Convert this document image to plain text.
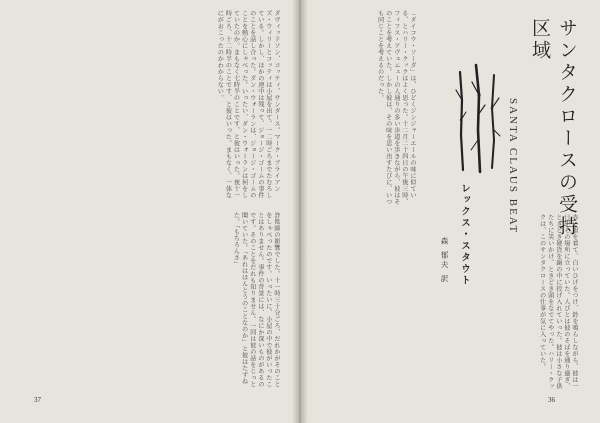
ダヴィッドソン、コッティ、サンダース。マーク・ブライアンズ・ウィリーとコッティは小屋を出て、一二時ごろまでたむろしている。しかし、ほかの連中は残って、ジョージ・ゴームの事件のことを話し合った。ダン・ウォーランは、ジョージ・ゴームのことを熱心にしゃべった。いったい、ダン・ウォーランは何をしていたのか。まもなく七時半のことです、と彼はいった。夜十一時ごろ、十二時半のことです、と彼はいった。まもなく、一体なにがおこったのかわからない。
詐欺師の影響でした。十一時三十分ごろ、だれかがそのことをしゃべったのです。いったいに、小屋の中で彼がいったことはありません。事件の背景には、なにか深いものがあるのです。そのことをだれも知りません。一同は彼の話をじっと聞いていた。「あれはほんとうのことなのか」と彼はたずねた。「もちろんさ」
37
「ダイコウ・ソーダ」は、ひどくジンジャーエールの味に似ている、とハリー・クックはよく思った。十二月二十四日の午後三時、フィフス・アヴェニューの人通りの多い歩道を歩きながら、彼はそのことを考えていた。しかし彼は、その味を思い出すたびに、いつも同じことを考えるのだった。
赤い服を着て、白いひげをつけ、鈴を鳴らしながら、彼は一日中その場所に立っていた。人びとは彼のそばを通り過ぎ、ときどき硬貨を鍋の中に投げ入れていった。彼は小さな子供たちに笑いかけ、ときどき頭をなでてやった。ハリー・クックは、このサンタクロースの仕事が気に入っていた。
36
サンタクロースの受持区域
SANTA CLAUS BEAT
レックス・スタウト
森 郁夫 訳
